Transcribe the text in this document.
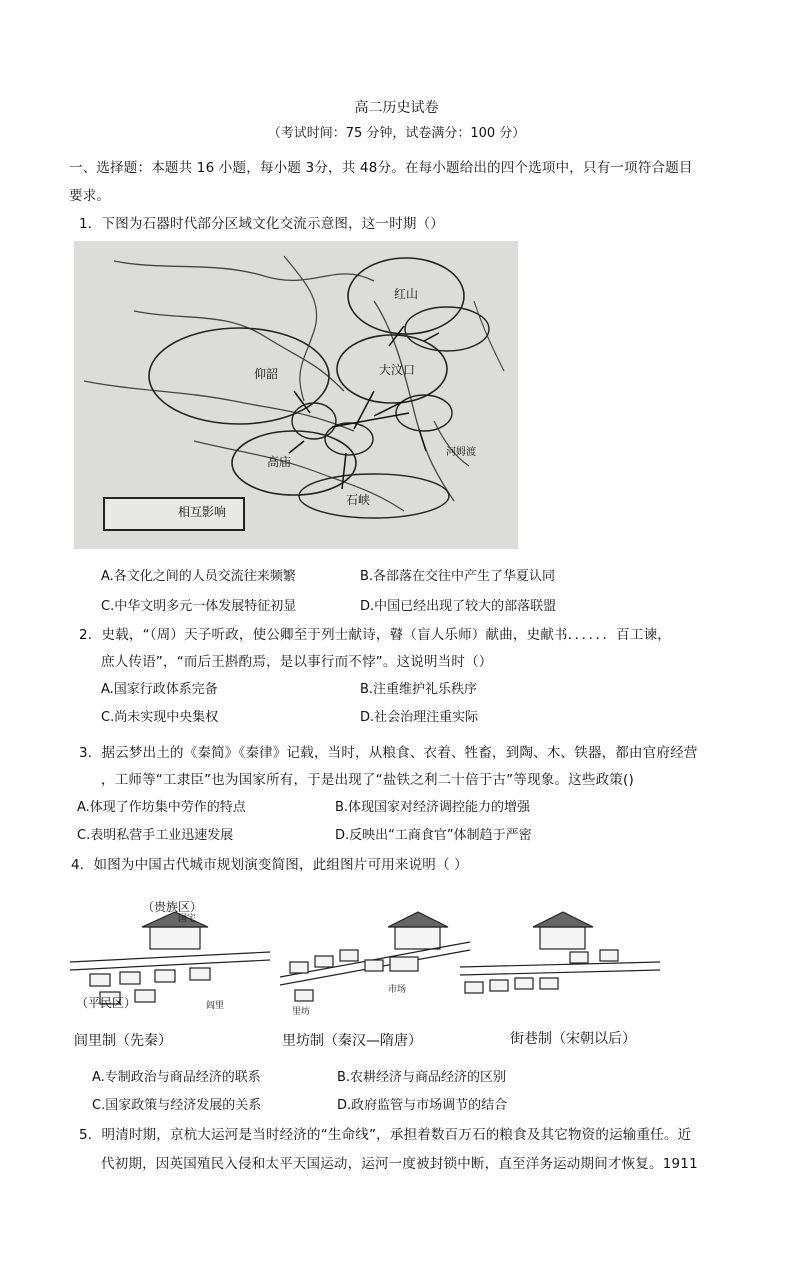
高二历史试卷
（考试时间：75 分钟，试卷满分：100 分）
一、选择题：本题共 16 小题，每小题 3分，共 48分。在每小题给出的四个选项中，只有一项符合题目
要求。
1．下图为石器时代部分区域文化交流示意图，这一时期（）
红山
大汶口
仰韶
高庙
石峡
河姆渡
相互影响
A.各文化之间的人员交流往来频繁	B.各部落在交往中产生了华夏认同
C.中华文明多元一体发展特征初显	D.中国已经出现了较大的部落联盟
2．史载，“（周）天子听政，使公卿至于列士献诗，瞽（盲人乐师）献曲，史献书．．．．．．百工谏，
庶人传语”，“而后王斟酌焉，是以事行而不悖”。这说明当时（）
A.国家行政体系完备	B.注重维护礼乐秩序
C.尚未实现中央集权	D.社会治理注重实际
3．据云梦出土的《秦简》《秦律》记载，当时，从粮食、衣着、牲畜，到陶、木、铁器，都由官府经营
，工师等“工隶臣”也为国家所有，于是出现了“盐铁之利二十倍于古”等现象。这些政策()
A.体现了作坊集中劳作的特点	B.体现国家对经济调控能力的增强
C.表明私营手工业迅速发展	D.反映出“工商食官”体制趋于严密
4．如图为中国古代城市规划演变简图，此组图片可用来说明（ ）
（贵族区）
国宅
（平民区）	闾里
里坊
市场
闾里制（先秦）	里坊制（秦汉—隋唐）	街巷制（宋朝以后）
A.专制政治与商品经济的联系	B.农耕经济与商品经济的区别
C.国家政策与经济发展的关系	D.政府监管与市场调节的结合
5．明清时期，京杭大运河是当时经济的“生命线”，承担着数百万石的粮食及其它物资的运输重任。近
代初期，因英国殖民入侵和太平天国运动，运河一度被封锁中断，直至洋务运动期间才恢复。1911
